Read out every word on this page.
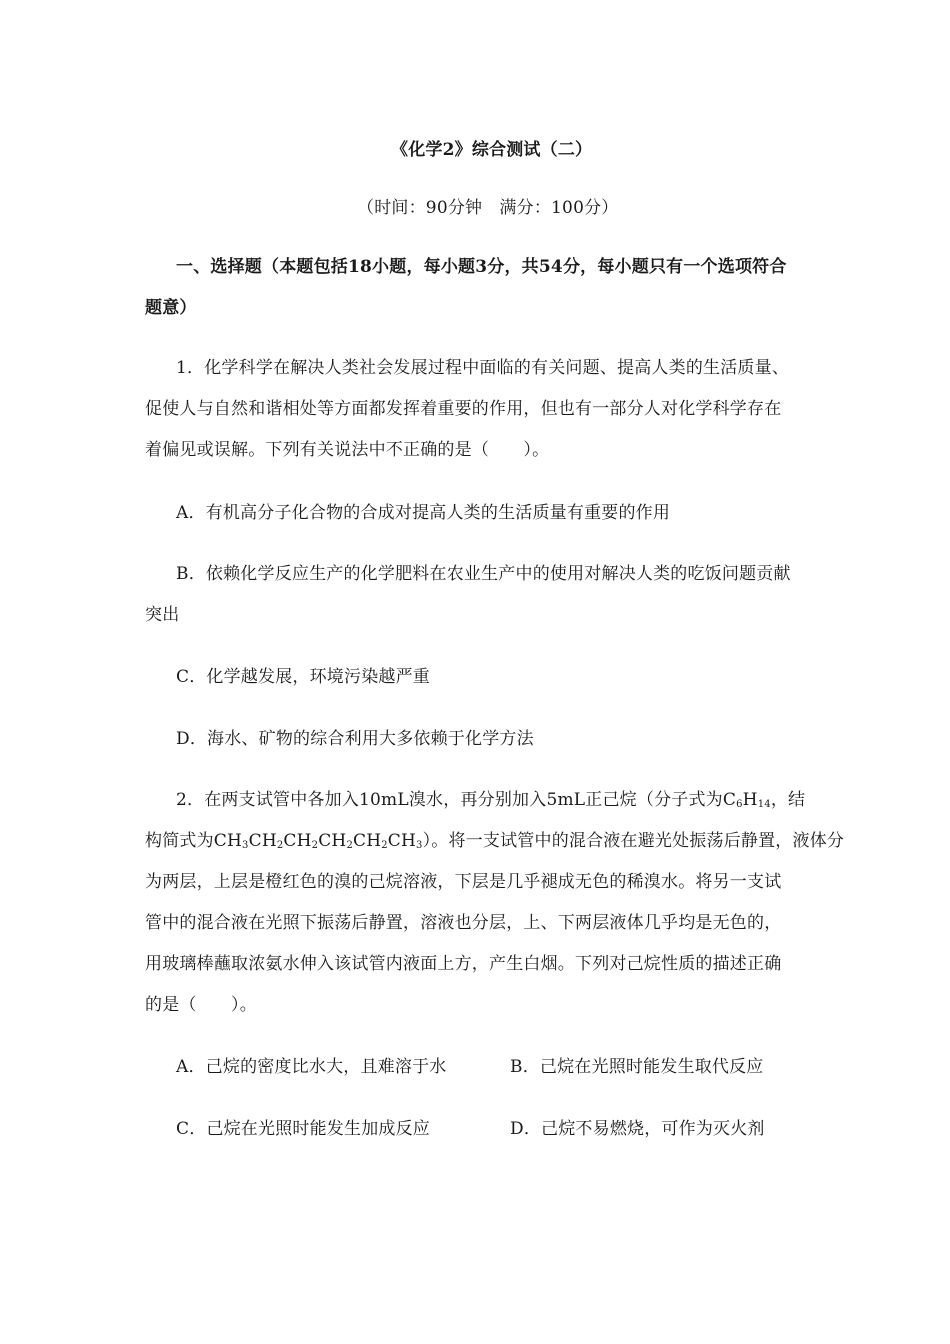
《化学2》综合测试（二）
（时间：90分钟　满分：100分）
一、选择题（本题包括18小题，每小题3分，共54分，每小题只有一个选项符合
题意）
1．化学科学在解决人类社会发展过程中面临的有关问题、提高人类的生活质量、
促使人与自然和谐相处等方面都发挥着重要的作用，但也有一部分人对化学科学存在
着偏见或误解。下列有关说法中不正确的是（　　）。
A．有机高分子化合物的合成对提高人类的生活质量有重要的作用
B．依赖化学反应生产的化学肥料在农业生产中的使用对解决人类的吃饭问题贡献
突出
C．化学越发展，环境污染越严重
D．海水、矿物的综合利用大多依赖于化学方法
2．在两支试管中各加入10mL溴水，再分别加入5mL正己烷（分子式为$C_6H_{14}$，结
构简式为$CH_3CH_2CH_2CH_2CH_2CH_3$）。将一支试管中的混合液在避光处振荡后静置，液体分
为两层，上层是橙红色的溴的己烷溶液，下层是几乎褪成无色的稀溴水。将另一支试
管中的混合液在光照下振荡后静置，溶液也分层，上、下两层液体几乎均是无色的，
用玻璃棒蘸取浓氨水伸入该试管内液面上方，产生白烟。下列对己烷性质的描述正确
的是（　　）。
A．己烷的密度比水大，且难溶于水	B．己烷在光照时能发生取代反应
C．己烷在光照时能发生加成反应	D．己烷不易燃烧，可作为灭火剂
